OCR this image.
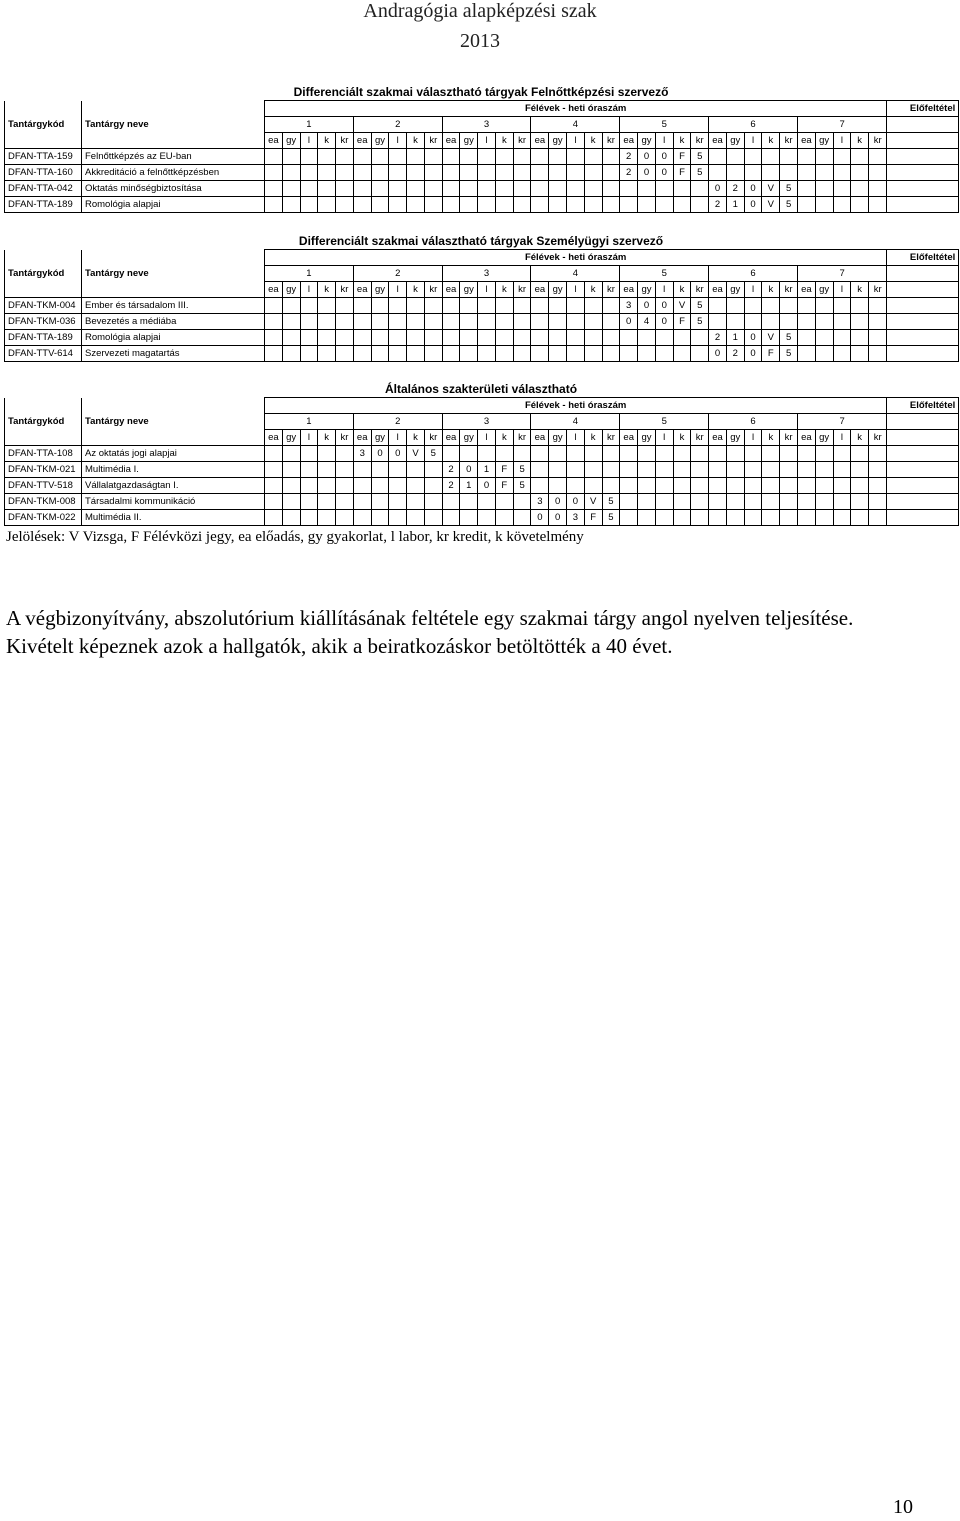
Andragógia alapképzési szak
2013
Differenciált szakmai választható tárgyak Felnőttképzési szervező
		Félévek - heti óraszám																																			Előfeltétel
Tantárgykód	Tantárgy neve	1					2					3					4					5					6					7					
		ea	gy	l	k	kr	ea	gy	l	k	kr	ea	gy	l	k	kr	ea	gy	l	k	kr	ea	gy	l	k	kr	ea	gy	l	k	kr	ea	gy	l	k	kr	
DFAN-TTA-159	Felnőttképzés az EU-ban																					2	0	0	F	5											
DFAN-TTA-160	Akkreditáció a felnőttképzésben																					2	0	0	F	5											
DFAN-TTA-042	Oktatás minőségbiztosítása																										0	2	0	V	5						
DFAN-TTA-189	Romológia alapjai																										2	1	0	V	5						
Differenciált szakmai választható tárgyak Személyügyi szervező
		Félévek - heti óraszám																																			Előfeltétel
Tantárgykód	Tantárgy neve	1					2					3					4					5					6					7					
		ea	gy	l	k	kr	ea	gy	l	k	kr	ea	gy	l	k	kr	ea	gy	l	k	kr	ea	gy	l	k	kr	ea	gy	l	k	kr	ea	gy	l	k	kr	
DFAN-TKM-004	Ember és társadalom III.																					3	0	0	V	5											
DFAN-TKM-036	Bevezetés a médiába																					0	4	0	F	5											
DFAN-TTA-189	Romológia alapjai																										2	1	0	V	5						
DFAN-TTV-614	Szervezeti magatartás																										0	2	0	F	5						
Általános szakterületi választható
		Félévek - heti óraszám																																			Előfeltétel
Tantárgykód	Tantárgy neve	1					2					3					4					5					6					7					
		ea	gy	l	k	kr	ea	gy	l	k	kr	ea	gy	l	k	kr	ea	gy	l	k	kr	ea	gy	l	k	kr	ea	gy	l	k	kr	ea	gy	l	k	kr	
DFAN-TTA-108	Az oktatás jogi alapjai						3	0	0	V	5																										
DFAN-TKM-021	Multimédia I.											2	0	1	F	5																					
DFAN-TTV-518	Vállalatgazdaságtan I.											2	1	0	F	5																					
DFAN-TKM-008	Társadalmi kommunikáció																3	0	0	V	5																
DFAN-TKM-022	Multimédia II.																0	0	3	F	5																
Jelölések: V Vizsga, F Félévközi jegy, ea előadás, gy gyakorlat, l labor, kr kredit, k követelmény
A végbizonyítvány, abszolutórium kiállításának feltétele egy szakmai tárgy angol nyelven teljesítése. Kivételt képeznek azok a hallgatók, akik a beiratkozáskor betöltötték a 40 évet.
10
